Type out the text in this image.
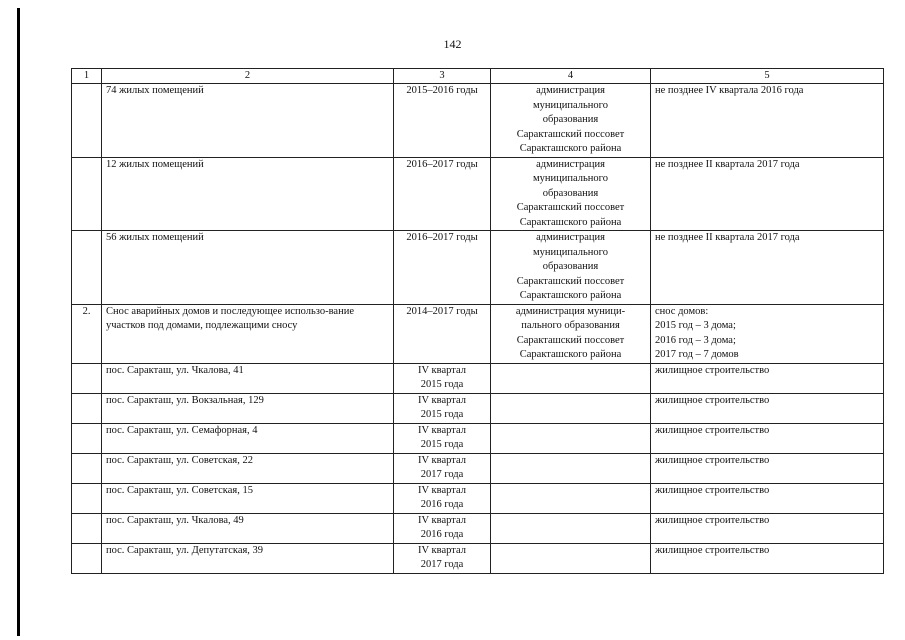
142
1	2	3	4	5
	74 жилых помещений	2015–2016 годы	администрация
муниципального
образования
Саракташский поссовет
Саракташского района	не позднее IV квартала 2016 года

	12 жилых помещений	2016–2017 годы	администрация
муниципального
образования
Саракташский поссовет
Саракташского района	не позднее II квартала 2017 года

	56 жилых помещений	2016–2017 годы	администрация
муниципального
образования
Саракташский поссовет
Саракташского района	не позднее II квартала 2017 года

2.	Снос аварийных домов и последующее использо-вание участков под домами, подлежащими сносу	2014–2017 годы	администрация муници-
пального образования
Саракташский поссовет
Саракташского района	снос домов:
2015 год – 3 дома;
2016 год – 3 дома;
2017 год – 7 домов

	пос. Саракташ, ул. Чкалова, 41	IV квартал
2015 года		жилищное строительство

	пос. Саракташ, ул. Вокзальная, 129	IV квартал
2015 года		жилищное строительство

	пос. Саракташ, ул. Семафорная, 4	IV квартал
2015 года		жилищное строительство

	пос. Саракташ, ул. Советская, 22	IV квартал
2017 года		жилищное строительство

	пос. Саракташ, ул. Советская, 15	IV квартал
2016 года		жилищное строительство

	пос. Саракташ, ул. Чкалова, 49	IV квартал
2016 года		жилищное строительство

	пос. Саракташ, ул. Депутатская, 39	IV квартал
2017 года		жилищное строительство
